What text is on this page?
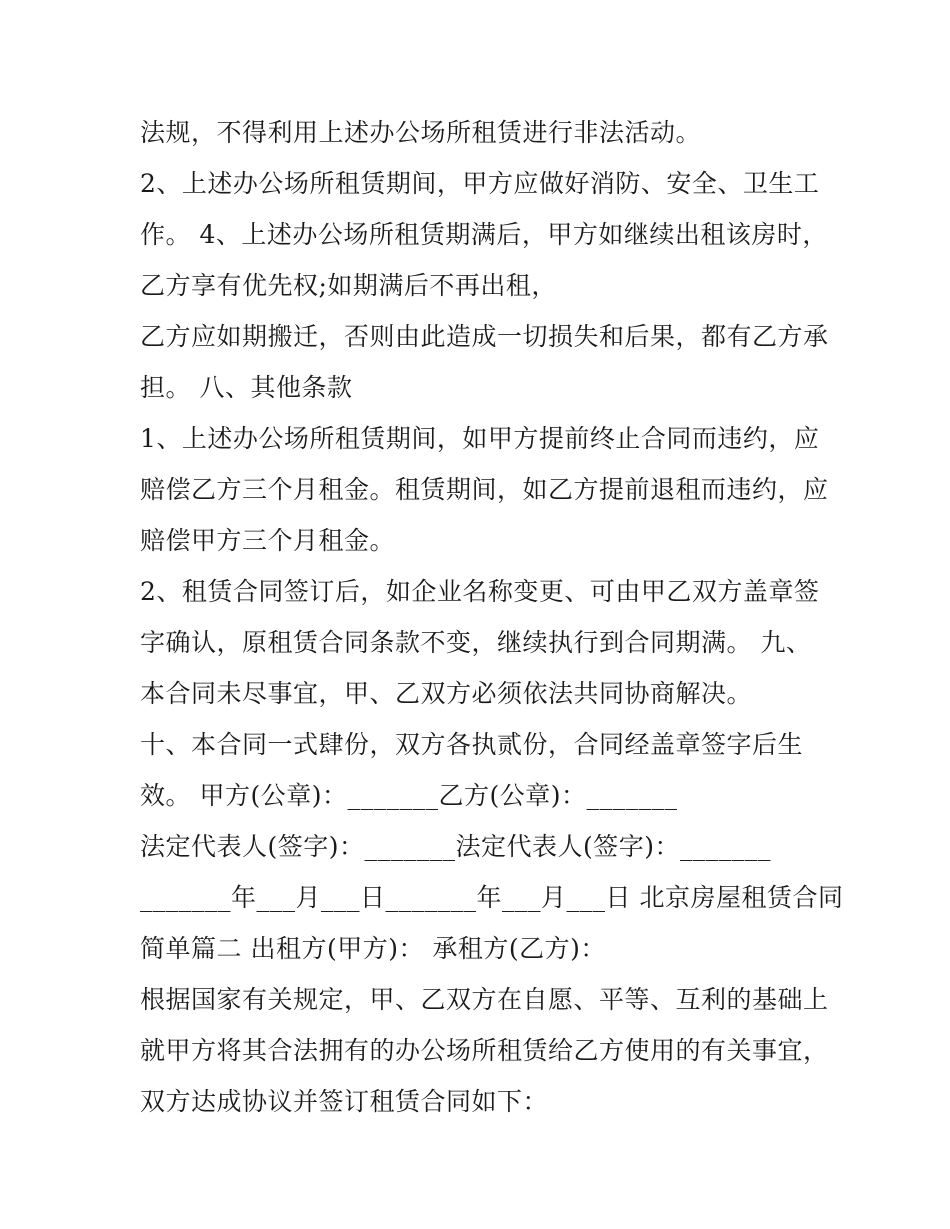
法规，不得利用上述办公场所租赁进行非法活动。
2、上述办公场所租赁期间，甲方应做好消防、安全、卫生工
作。 4、上述办公场所租赁期满后，甲方如继续出租该房时，
乙方享有优先权;如期满后不再出租，
乙方应如期搬迁，否则由此造成一切损失和后果，都有乙方承
担。 八、其他条款
1、上述办公场所租赁期间，如甲方提前终止合同而违约，应
赔偿乙方三个月租金。租赁期间，如乙方提前退租而违约，应
赔偿甲方三个月租金。
2、租赁合同签订后，如企业名称变更、可由甲乙双方盖章签
字确认，原租赁合同条款不变，继续执行到合同期满。 九、
本合同未尽事宜，甲、乙双方必须依法共同协商解决。
十、本合同一式肆份，双方各执贰份，合同经盖章签字后生
效。 甲方(公章)：_______乙方(公章)：_______
法定代表人(签字)：_______法定代表人(签字)：_______
_______年___月___日_______年___月___日 北京房屋租赁合同
简单篇二 出租方(甲方)： 承租方(乙方)：
根据国家有关规定，甲、乙双方在自愿、平等、互利的基础上
就甲方将其合法拥有的办公场所租赁给乙方使用的有关事宜，
双方达成协议并签订租赁合同如下：
